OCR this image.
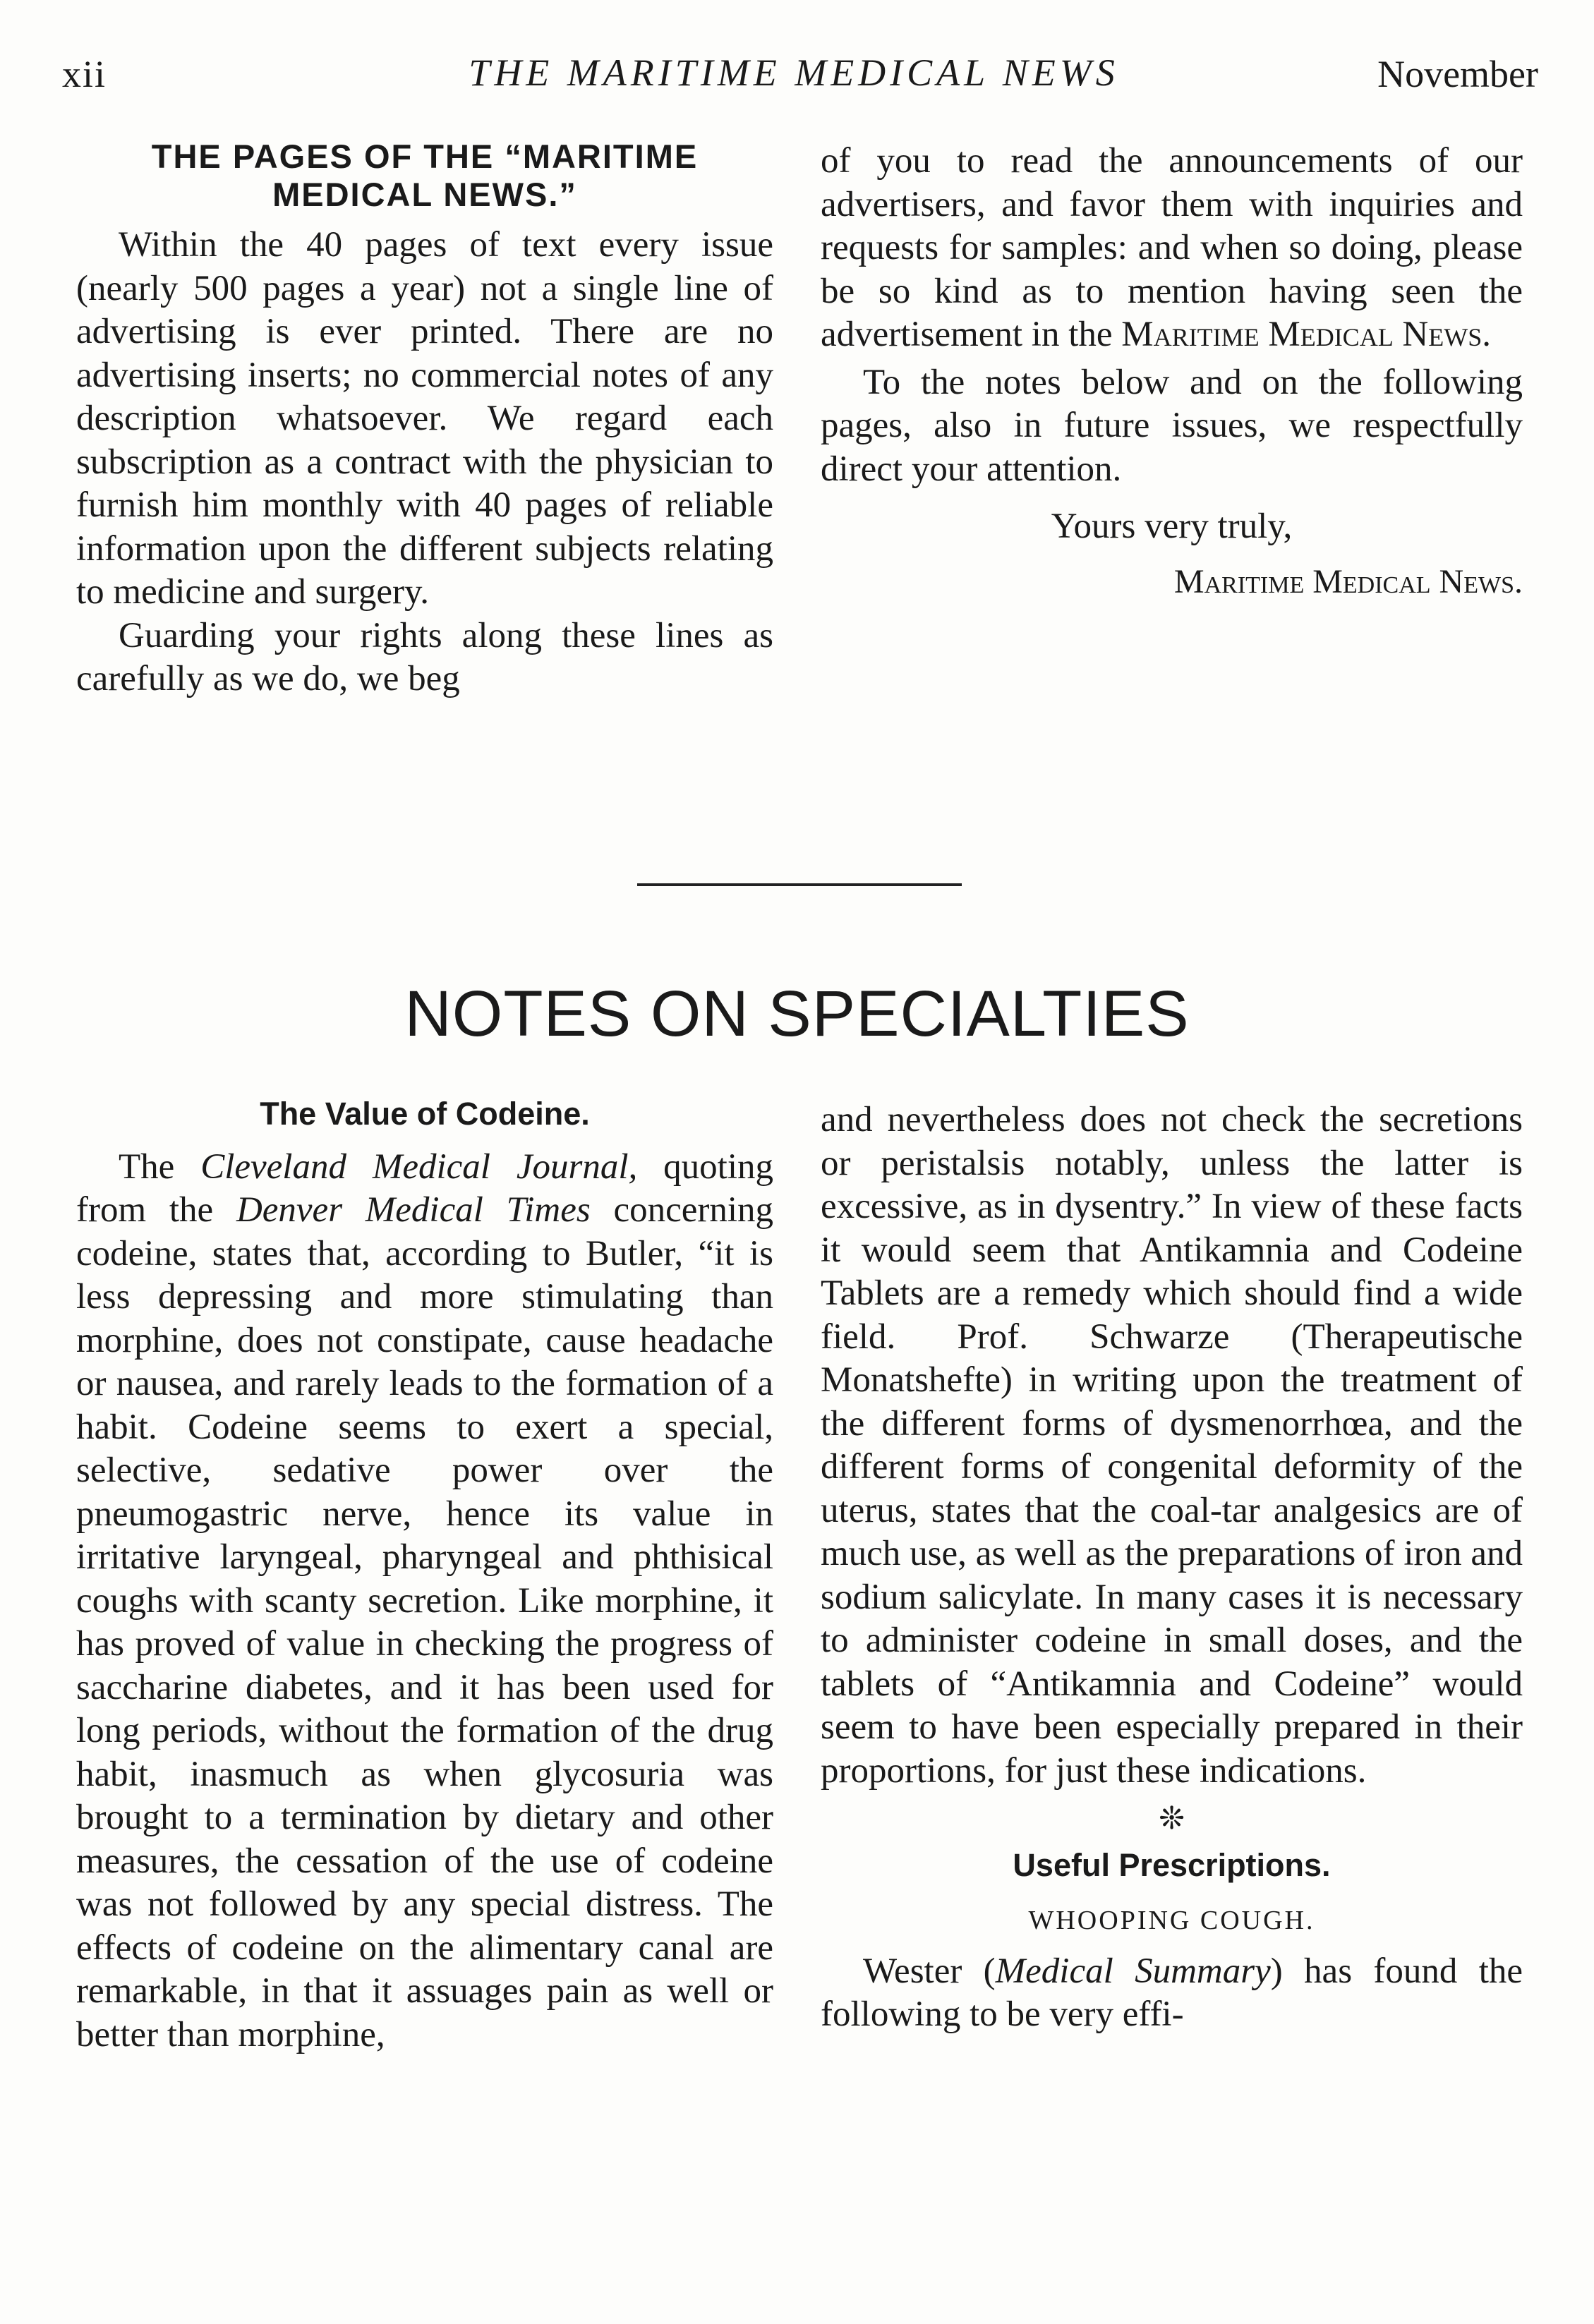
xii	THE MARITIME MEDICAL NEWS	November
THE PAGES OF THE “MARITIME MEDICAL NEWS.”

Within the 40 pages of text every issue (nearly 500 pages a year) not a single line of advertising is ever printed. There are no advertising inserts; no commercial notes of any description whatsoever. We regard each subscription as a contract with the physician to furnish him monthly with 40 pages of reliable information upon the different subjects relating to medicine and surgery.

Guarding your rights along these lines as carefully as we do, we beg

of you to read the announcements of our advertisers, and favor them with inquiries and requests for samples: and when so doing, please be so kind as to mention having seen the advertisement in the Maritime Medical News.

To the notes below and on the following pages, also in future issues, we respectfully direct your attention.

Yours very truly,
Maritime Medical News.
NOTES ON SPECIALTIES
The Value of Codeine.

The Cleveland Medical Journal, quoting from the Denver Medical Times concerning codeine, states that, according to Butler, “it is less depressing and more stimulating than morphine, does not constipate, cause headache or nausea, and rarely leads to the formation of a habit. Codeine seems to exert a special, selective, sedative power over the pneumogastric nerve, hence its value in irritative laryngeal, pharyngeal and phthisical coughs with scanty secretion. Like morphine, it has proved of value in checking the progress of saccharine diabetes, and it has been used for long periods, without the formation of the drug habit, inasmuch as when glycosuria was brought to a termination by dietary and other measures, the cessation of the use of codeine was not followed by any special distress. The effects of codeine on the alimentary canal are remarkable, in that it assuages pain as well or better than morphine,

and nevertheless does not check the secretions or peristalsis notably, unless the latter is excessive, as in dysentry.” In view of these facts it would seem that Antikamnia and Codeine Tablets are a remedy which should find a wide field. Prof. Schwarze (Therapeutische Monatshefte) in writing upon the treatment of the different forms of dysmenorrhœa, and the different forms of congenital deformity of the uterus, states that the coal-tar analgesics are of much use, as well as the preparations of iron and sodium salicylate. In many cases it is necessary to administer codeine in small doses, and the tablets of “Antikamnia and Codeine” would seem to have been especially prepared in their proportions, for just these indications.

❊
Useful Prescriptions.
WHOOPING COUGH.

Wester (Medical Summary) has found the following to be very effi-
